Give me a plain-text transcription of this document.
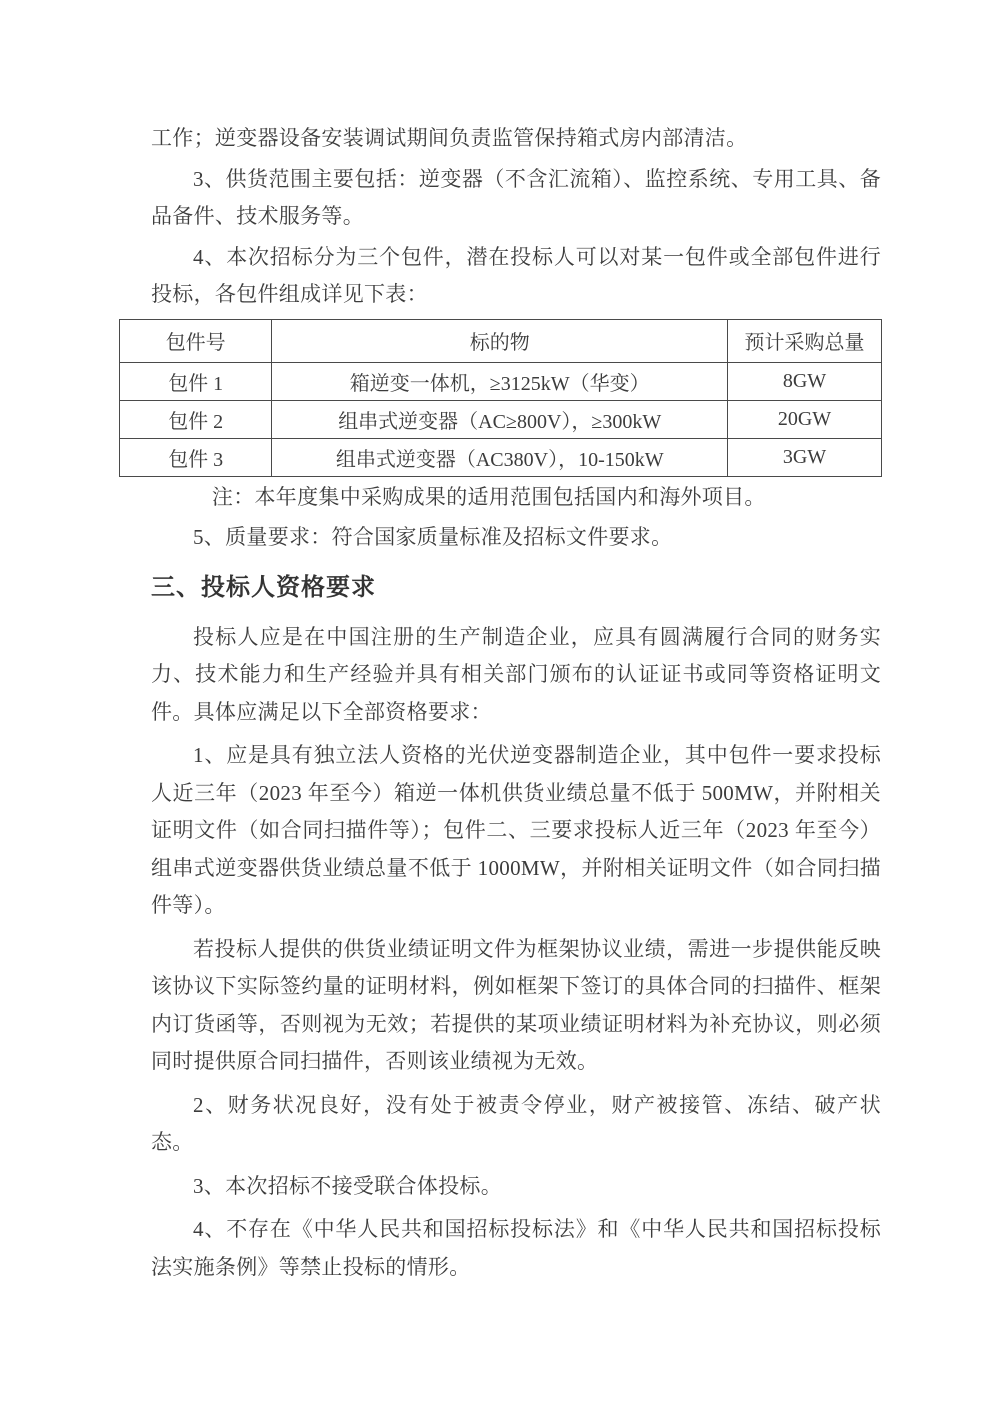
工作；逆变器设备安装调试期间负责监管保持箱式房内部清洁。

3、供货范围主要包括：逆变器（不含汇流箱）、监控系统、专用工具、备品备件、技术服务等。

4、本次招标分为三个包件，潜在投标人可以对某一包件或全部包件进行投标，各包件组成详见下表：

包件号	标的物	预计采购总量
包件 1	箱逆变一体机，≥3125kW（华变）	8GW
包件 2	组串式逆变器（AC≥800V），≥300kW	20GW
包件 3	组串式逆变器（AC380V），10-150kW	3GW

注：本年度集中采购成果的适用范围包括国内和海外项目。

5、质量要求：符合国家质量标准及招标文件要求。

三、投标人资格要求

投标人应是在中国注册的生产制造企业，应具有圆满履行合同的财务实力、技术能力和生产经验并具有相关部门颁布的认证证书或同等资格证明文件。具体应满足以下全部资格要求：

1、应是具有独立法人资格的光伏逆变器制造企业，其中包件一要求投标人近三年（2023 年至今）箱逆一体机供货业绩总量不低于 500MW，并附相关证明文件（如合同扫描件等）；包件二、三要求投标人近三年（2023 年至今）组串式逆变器供货业绩总量不低于 1000MW，并附相关证明文件（如合同扫描件等）。

若投标人提供的供货业绩证明文件为框架协议业绩，需进一步提供能反映该协议下实际签约量的证明材料，例如框架下签订的具体合同的扫描件、框架内订货函等，否则视为无效；若提供的某项业绩证明材料为补充协议，则必须同时提供原合同扫描件，否则该业绩视为无效。

2、财务状况良好，没有处于被责令停业，财产被接管、冻结、破产状态。

3、本次招标不接受联合体投标。

4、不存在《中华人民共和国招标投标法》和《中华人民共和国招标投标法实施条例》等禁止投标的情形。
